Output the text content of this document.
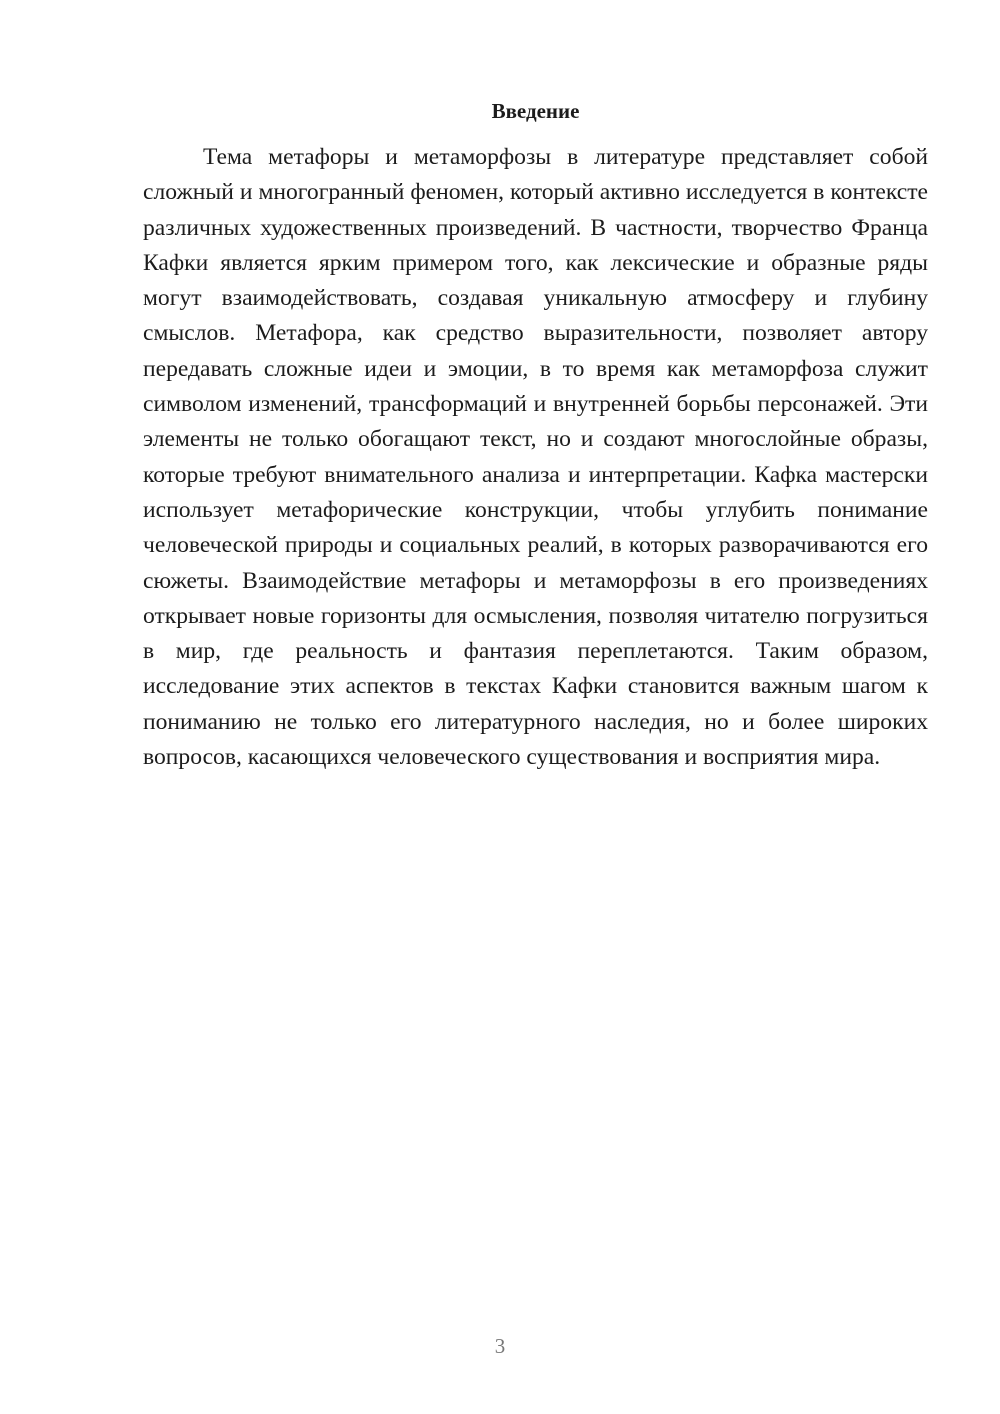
Введение

Тема метафоры и метаморфозы в литературе представляет собой сложный и многогранный феномен, который активно исследуется в контексте различных художественных произведений. В частности, творчество Франца Кафки является ярким примером того, как лексические и образные ряды могут взаимодействовать, создавая уникальную атмосферу и глубину смыслов. Метафора, как средство выразительности, позволяет автору передавать сложные идеи и эмоции, в то время как метаморфоза служит символом изменений, трансформаций и внутренней борьбы персонажей. Эти элементы не только обогащают текст, но и создают многослойные образы, которые требуют внимательного анализа и интерпретации. Кафка мастерски использует метафорические конструкции, чтобы углубить понимание человеческой природы и социальных реалий, в которых разворачиваются его сюжеты. Взаимодействие метафоры и метаморфозы в его произведениях открывает новые горизонты для осмысления, позволяя читателю погрузиться в мир, где реальность и фантазия переплетаются. Таким образом, исследование этих аспектов в текстах Кафки становится важным шагом к пониманию не только его литературного наследия, но и более широких вопросов, касающихся человеческого существования и восприятия мира.

3
